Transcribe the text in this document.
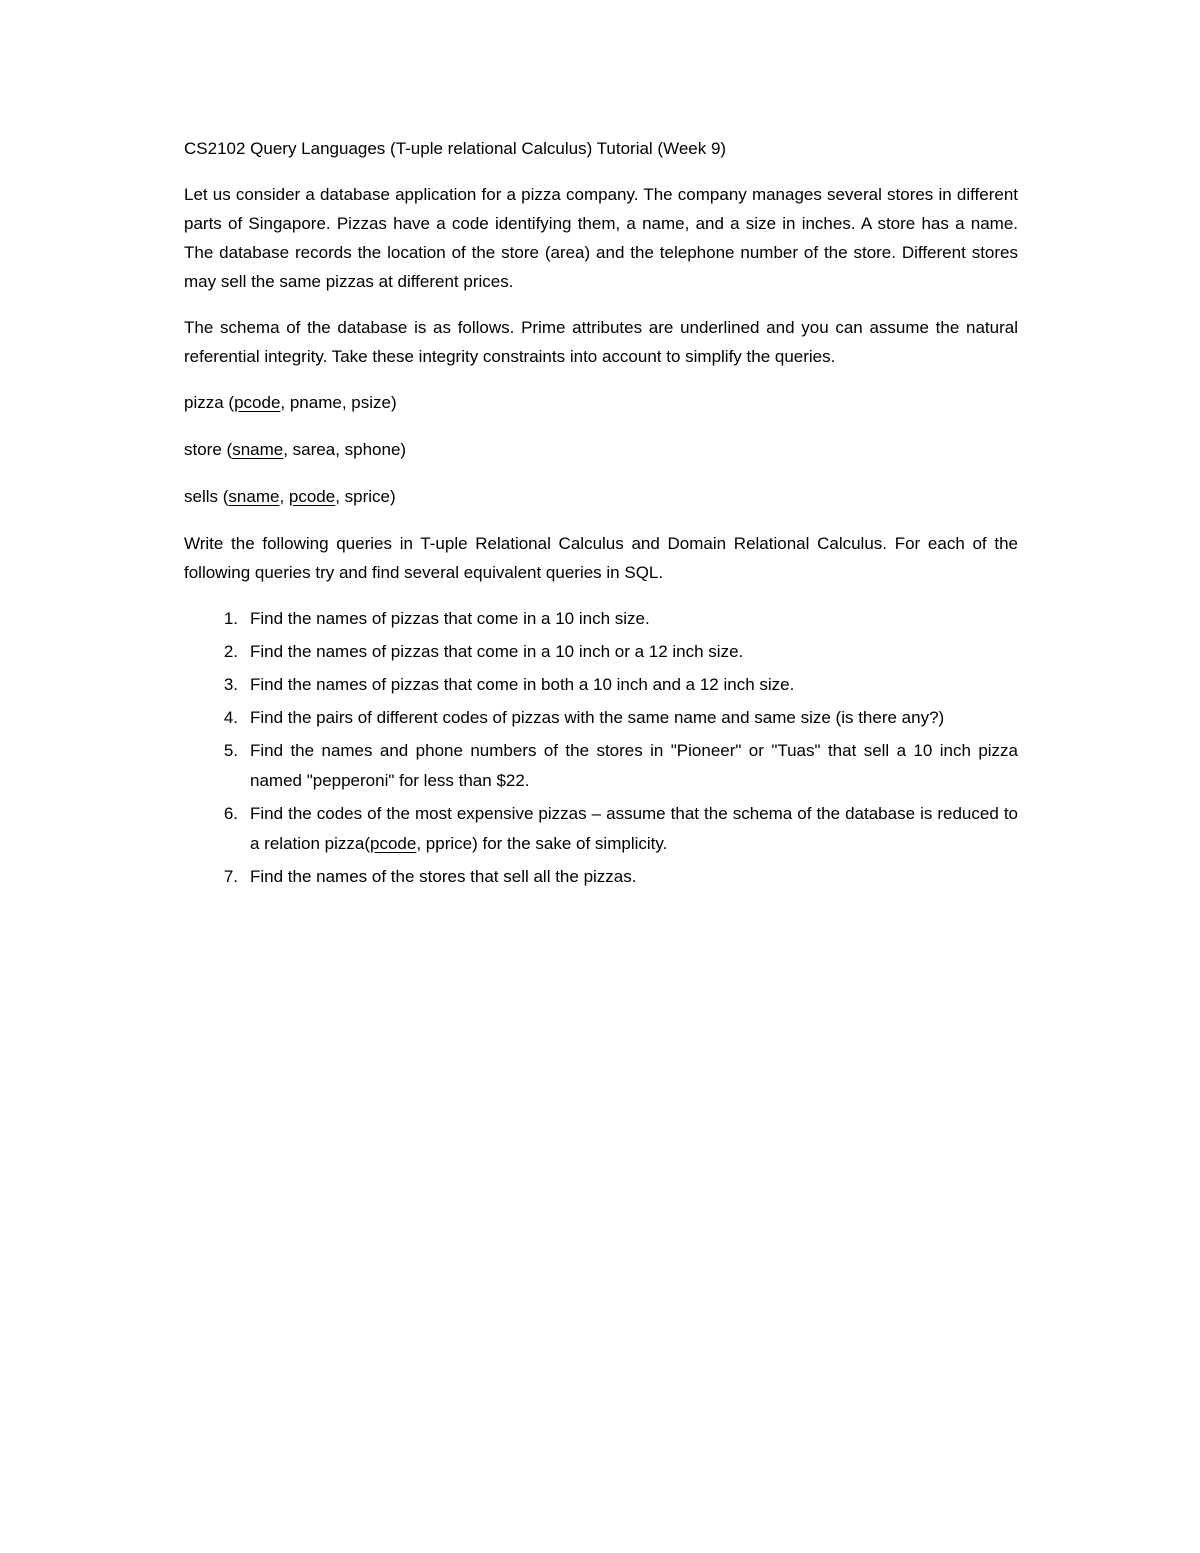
CS2102 Query Languages (T-uple relational Calculus) Tutorial (Week 9)

Let us consider a database application for a pizza company. The company manages several stores in different parts of Singapore. Pizzas have a code identifying them, a name, and a size in inches. A store has a name. The database records the location of the store (area) and the telephone number of the store. Different stores may sell the same pizzas at different prices.

The schema of the database is as follows. Prime attributes are underlined and you can assume the natural referential integrity. Take these integrity constraints into account to simplify the queries.

pizza (pcode, pname, psize)

store (sname, sarea, sphone)

sells (sname, pcode, sprice)

Write the following queries in T-uple Relational Calculus and Domain Relational Calculus. For each of the following queries try and find several equivalent queries in SQL.

1. Find the names of pizzas that come in a 10 inch size.
2. Find the names of pizzas that come in a 10 inch or a 12 inch size.
3. Find the names of pizzas that come in both a 10 inch and a 12 inch size.
4. Find the pairs of different codes of pizzas with the same name and same size (is there any?)
5. Find the names and phone numbers of the stores in "Pioneer" or "Tuas" that sell a 10 inch pizza named "pepperoni" for less than $22.
6. Find the codes of the most expensive pizzas – assume that the schema of the database is reduced to a relation pizza(pcode, pprice) for the sake of simplicity.
7. Find the names of the stores that sell all the pizzas.
